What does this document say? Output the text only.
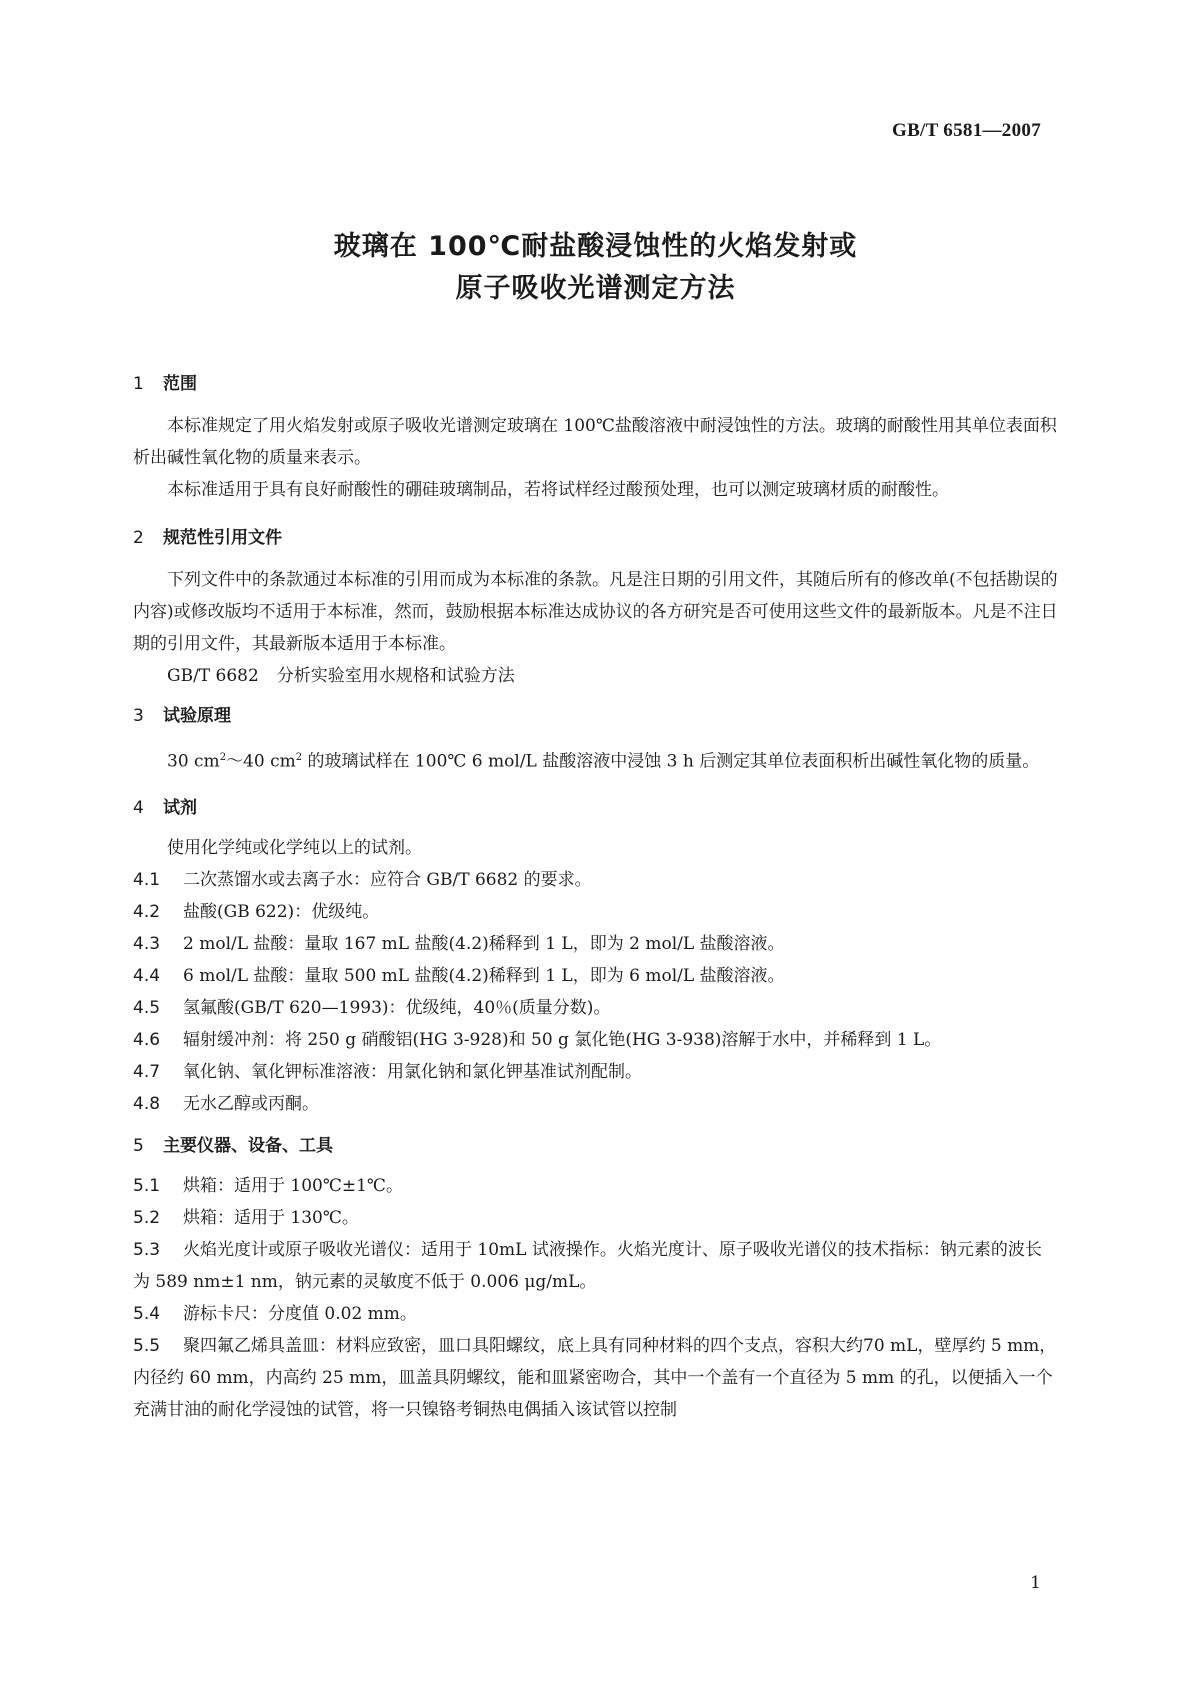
GB/T 6581—2007
玻璃在 100℃耐盐酸浸蚀性的火焰发射或
原子吸收光谱测定方法
1 范围

本标准规定了用火焰发射或原子吸收光谱测定玻璃在 100℃盐酸溶液中耐浸蚀性的方法。玻璃的耐酸性用其单位表面积析出碱性氧化物的质量来表示。

本标准适用于具有良好耐酸性的硼硅玻璃制品，若将试样经过酸预处理，也可以测定玻璃材质的耐酸性。

2 规范性引用文件

下列文件中的条款通过本标准的引用而成为本标准的条款。凡是注日期的引用文件，其随后所有的修改单(不包括勘误的内容)或修改版均不适用于本标准，然而，鼓励根据本标准达成协议的各方研究是否可使用这些文件的最新版本。凡是不注日期的引用文件，其最新版本适用于本标准。

GB/T 6682 分析实验室用水规格和试验方法

3 试验原理

30 $cm^2\sim 40$ $cm^2$ 的玻璃试样在 100℃ 6 mol/L 盐酸溶液中浸蚀 3 h 后测定其单位表面积析出碱性氧化物的质量。

4 试剂

使用化学纯或化学纯以上的试剂。

4.1 二次蒸馏水或去离子水：应符合 GB/T 6682 的要求。

4.2 盐酸(GB 622)：优级纯。

4.3 2 mol/L 盐酸：量取 167 mL 盐酸(4.2)稀释到 1 L，即为 2 mol/L 盐酸溶液。

4.4 6 mol/L 盐酸：量取 500 mL 盐酸(4.2)稀释到 1 L，即为 6 mol/L 盐酸溶液。

4.5 氢氟酸(GB/T 620—1993)：优级纯，40％(质量分数)。

4.6 辐射缓冲剂：将 250 g 硝酸铝(HG 3-928)和 50 g 氯化铯(HG 3-938)溶解于水中，并稀释到 1 L。

4.7 氧化钠、氧化钾标准溶液：用氯化钠和氯化钾基准试剂配制。

4.8 无水乙醇或丙酮。

5 主要仪器、设备、工具

5.1 烘箱：适用于 100℃±1℃。

5.2 烘箱：适用于 130℃。

5.3 火焰光度计或原子吸收光谱仪：适用于 10mL 试液操作。火焰光度计、原子吸收光谱仪的技术指标：钠元素的波长为 589 nm±1 nm，钠元素的灵敏度不低于 0.006 μg/mL。

5.4 游标卡尺：分度值 0.02 mm。

5.5 聚四氟乙烯具盖皿：材料应致密，皿口具阳螺纹，底上具有同种材料的四个支点，容积大约70 mL，壁厚约 5 mm，内径约 60 mm，内高约 25 mm，皿盖具阴螺纹，能和皿紧密吻合，其中一个盖有一个直径为 5 mm 的孔，以便插入一个充满甘油的耐化学浸蚀的试管，将一只镍铬考铜热电偶插入该试管以控制

1
